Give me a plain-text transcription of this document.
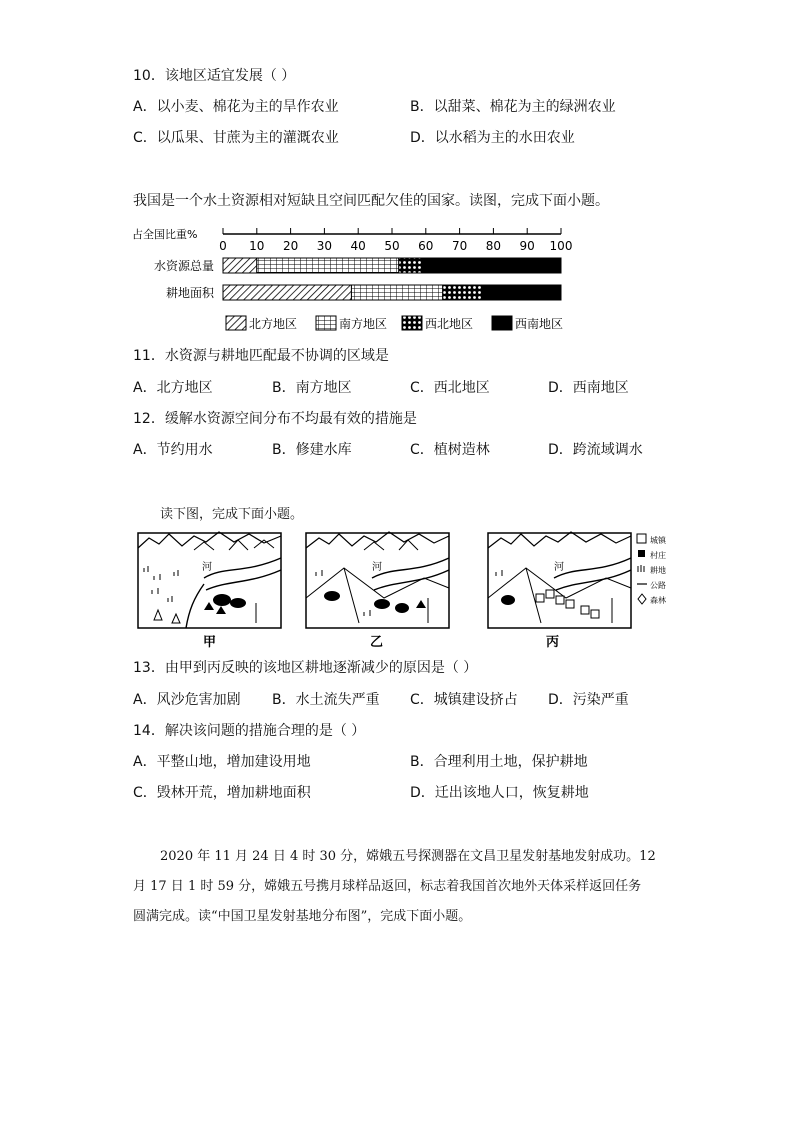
10．该地区适宜发展（ ）
A．以小麦、棉花为主的旱作农业	B．以甜菜、棉花为主的绿洲农业
C．以瓜果、甘蔗为主的灌溉农业	D．以水稻为主的水田农业
我国是一个水土资源相对短缺且空间匹配欠佳的国家。读图，完成下面小题。
占全国比重%
0 10 20 30 40 50 60 70 80 90 100
水资源总量
耕地面积
北方地区	南方地区	西北地区	西南地区
11．水资源与耕地匹配最不协调的区域是
A．北方地区	B．南方地区	C．西北地区	D．西南地区
12．缓解水资源空间分布不均最有效的措施是
A．节约用水	B．修建水库	C．植树造林	D．跨流域调水
读下图，完成下面小题。
河
甲
河
乙
河
丙
城镇
村庄
耕地
公路
森林
13．由甲到丙反映的该地区耕地逐渐减少的原因是（ ）
A．风沙危害加剧 B．水土流失严重 C．城镇建设挤占 D．污染严重
14．解决该问题的措施合理的是（ ）
A．平整山地，增加建设用地	B．合理利用土地，保护耕地
C．毁林开荒，增加耕地面积	D．迁出该地人口，恢复耕地
2020 年 11 月 24 日 4 时 30 分，嫦娥五号探测器在文昌卫星发射基地发射成功。12
月 17 日 1 时 59 分，嫦娥五号携月球样品返回，标志着我国首次地外天体采样返回任务
圆满完成。读“中国卫星发射基地分布图”，完成下面小题。
